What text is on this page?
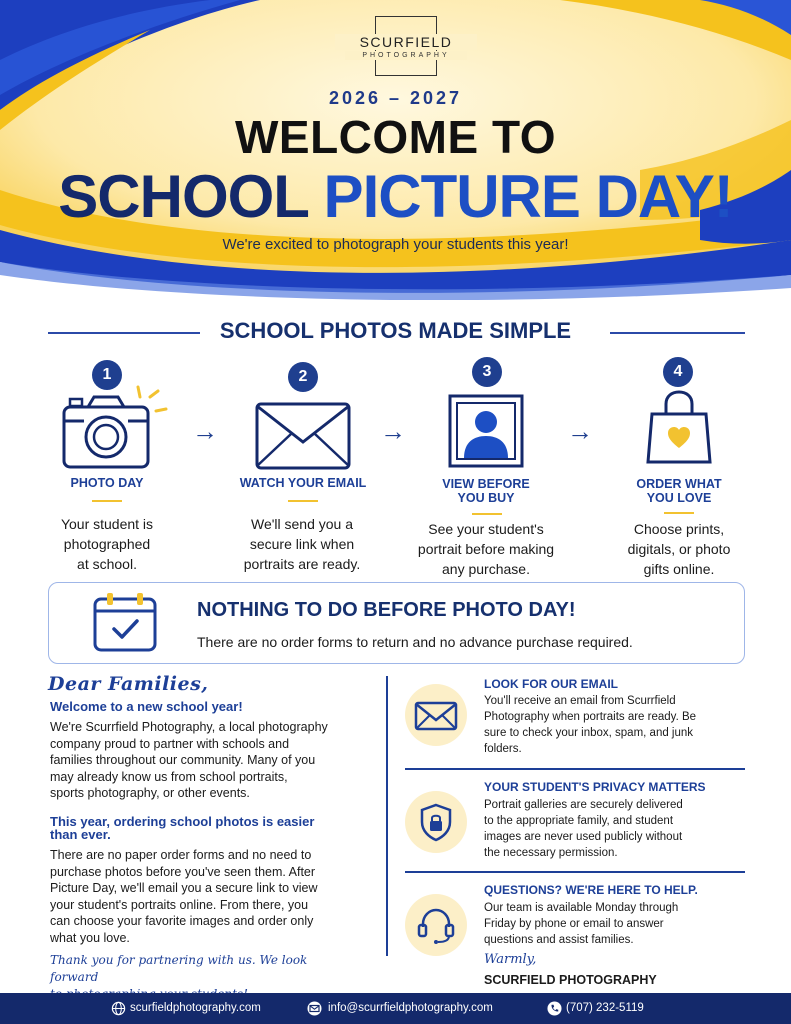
SCURFIELD
PHOTOGRAPHY
2026 – 2027
WELCOME TO
SCHOOL PICTURE DAY!
We're excited to photograph your students this year!
SCHOOL PHOTOS MADE SIMPLE
1
PHOTO DAY
Your student is
photographed
at school.
→
2
WATCH YOUR EMAIL
We'll send you a
secure link when
portraits are ready.
→
3
VIEW BEFORE
YOU BUY
See your student's
portrait before making
any purchase.
→
4
ORDER WHAT
YOU LOVE
Choose prints,
digitals, or photo
gifts online.
NOTHING TO DO BEFORE PHOTO DAY!
There are no order forms to return and no advance purchase required.
Dear Families,
Welcome to a new school year!
We're Scurrfield Photography, a local photography
company proud to partner with schools and
families throughout our community. Many of you
may already know us from school portraits,
sports photography, or other events.
This year, ordering school photos is easier
than ever.
There are no paper order forms and no need to
purchase photos before you've seen them. After
Picture Day, we'll email you a secure link to view
your student's portraits online. From there, you
can choose your favorite images and order only
what you love.
Thank you for partnering with us. We look forward
LOOK FOR OUR EMAIL
You'll receive an email from Scurrfield
Photography when portraits are ready. Be
sure to check your inbox, spam, and junk
folders.
YOUR STUDENT'S PRIVACY MATTERS
Portrait galleries are securely delivered
to the appropriate family, and student
images are never used publicly without
the necessary permission.
QUESTIONS? WE'RE HERE TO HELP.
Our team is available Monday through
Friday by phone or email to answer
questions and assist families.
Warmly,
SCURFIELD PHOTOGRAPHY
scurfieldphotography.com	info@scurrfieldphotography.com	(707) 232-5119
